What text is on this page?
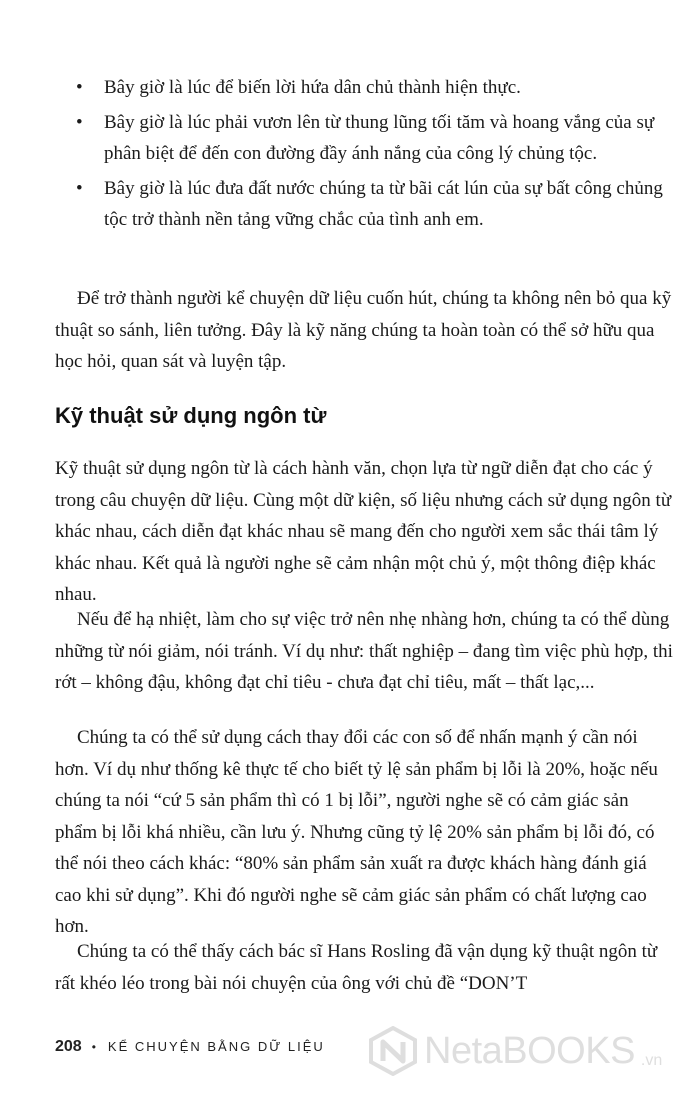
• Bây giờ là lúc để biến lời hứa dân chủ thành hiện thực.
• Bây giờ là lúc phải vươn lên từ thung lũng tối tăm và hoang vắng của sự phân biệt để đến con đường đầy ánh nắng của công lý chủng tộc.
• Bây giờ là lúc đưa đất nước chúng ta từ bãi cát lún của sự bất công chủng tộc trở thành nền tảng vững chắc của tình anh em.

Để trở thành người kể chuyện dữ liệu cuốn hút, chúng ta không nên bỏ qua kỹ thuật so sánh, liên tưởng. Đây là kỹ năng chúng ta hoàn toàn có thể sở hữu qua học hỏi, quan sát và luyện tập.

Kỹ thuật sử dụng ngôn từ

Kỹ thuật sử dụng ngôn từ là cách hành văn, chọn lựa từ ngữ diễn đạt cho các ý trong câu chuyện dữ liệu. Cùng một dữ kiện, số liệu nhưng cách sử dụng ngôn từ khác nhau, cách diễn đạt khác nhau sẽ mang đến cho người xem sắc thái tâm lý khác nhau. Kết quả là người nghe sẽ cảm nhận một chủ ý, một thông điệp khác nhau.

Nếu để hạ nhiệt, làm cho sự việc trở nên nhẹ nhàng hơn, chúng ta có thể dùng những từ nói giảm, nói tránh. Ví dụ như: thất nghiệp – đang tìm việc phù hợp, thi rớt – không đậu, không đạt chỉ tiêu - chưa đạt chỉ tiêu, mất – thất lạc,...

Chúng ta có thể sử dụng cách thay đổi các con số để nhấn mạnh ý cần nói hơn. Ví dụ như thống kê thực tế cho biết tỷ lệ sản phẩm bị lỗi là 20%, hoặc nếu chúng ta nói “cứ 5 sản phẩm thì có 1 bị lỗi”, người nghe sẽ có cảm giác sản phẩm bị lỗi khá nhiều, cần lưu ý. Nhưng cũng tỷ lệ 20% sản phẩm bị lỗi đó, có thể nói theo cách khác: “80% sản phẩm sản xuất ra được khách hàng đánh giá cao khi sử dụng”. Khi đó người nghe sẽ cảm giác sản phẩm có chất lượng cao hơn.

Chúng ta có thể thấy cách bác sĩ Hans Rosling đã vận dụng kỹ thuật ngôn từ rất khéo léo trong bài nói chuyện của ông với chủ đề “DON’T

208 • KỂ CHUYỆN BẰNG DỮ LIỆU	NetaBOOKS .vn
